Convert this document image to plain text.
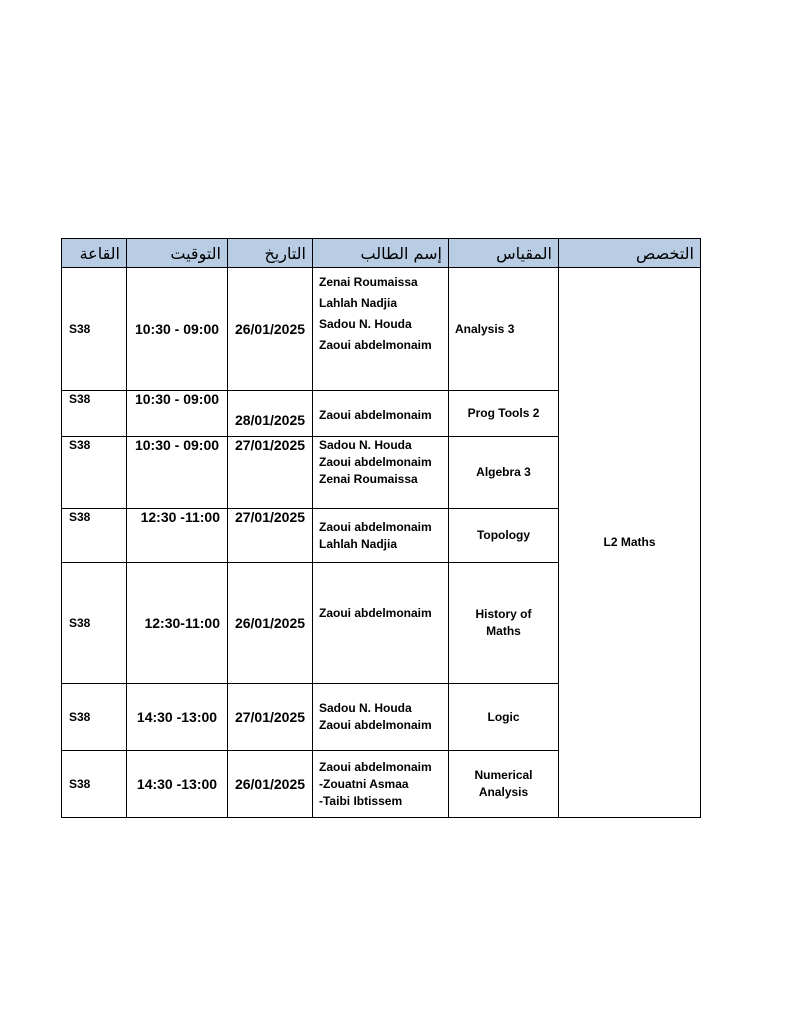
القاعة	التوقيت	التاريخ	إسم الطالب	المقياس	التخصص
S38	10:30 - 09:00	26/01/2025	Zenai Roumaissa
Lahlah Nadjia
Sadou N. Houda
Zaoui abdelmonaim	Analysis 3	L2 Maths
S38	10:30 - 09:00	28/01/2025	Zaoui abdelmonaim	Prog Tools 2	
S38	10:30 - 09:00	27/01/2025	Sadou N. Houda
Zaoui abdelmonaim
Zenai Roumaissa	Algebra 3	
S38	12:30 -11:00	27/01/2025	Zaoui abdelmonaim
Lahlah Nadjia	Topology	
S38	12:30-11:00	26/01/2025	Zaoui abdelmonaim	History of
Maths	

S38	14:30 -13:00	27/01/2025	Sadou N. Houda
Zaoui abdelmonaim	Logic	
S38	14:30 -13:00	26/01/2025	Zaoui abdelmonaim
-Zouatni Asmaa
-Taibi Ibtissem	Numerical
Analysis	
